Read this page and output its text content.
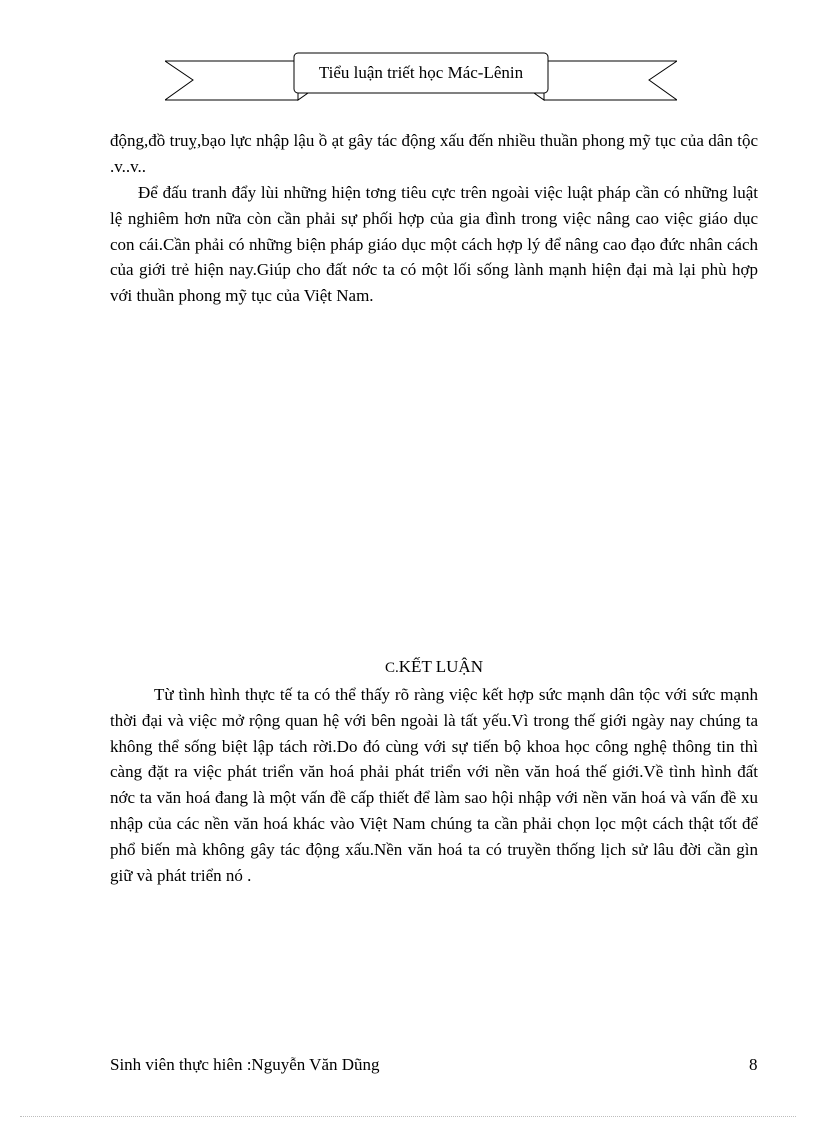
Tiểu luận triết học Mác-Lênin

động,đồ truỵ,bạo lực nhập lậu ồ ạt gây tác động xấu đến nhiều thuần phong mỹ tục của dân tộc .v..v..

Để đấu tranh đẩy lùi những hiện tơng tiêu cực trên ngoài việc luật pháp cần có những luật lệ nghiêm hơn nữa còn cần phải sự phối hợp của gia đình trong việc nâng cao việc giáo dục con cái.Cần phải có những biện pháp giáo dục một cách hợp lý để nâng cao đạo đức nhân cách của giới trẻ hiện nay.Giúp cho đất nớc ta có một lối sống lành mạnh hiện đại mà lại phù hợp với thuần phong mỹ tục của Việt Nam.

C.KẾT LUẬN

Từ tình hình thực tế ta có thể thấy rõ ràng việc kết hợp sức mạnh dân tộc với sức mạnh thời đại và việc mở rộng quan hệ với bên ngoài là tất yếu.Vì trong thế giới ngày nay chúng ta không thể sống biệt lập tách rời.Do đó cùng với sự tiến bộ khoa học công nghệ thông tin thì càng đặt ra việc phát triển văn hoá phải phát triển với nền văn hoá thế giới.Về tình hình đất nớc ta văn hoá đang là một vấn đề cấp thiết để làm sao hội nhập với nền văn hoá và vấn đề xu nhập của các nền văn hoá khác vào Việt Nam chúng ta cần phải chọn lọc một cách thật tốt để phổ biến mà không gây tác động xấu.Nền văn hoá ta có truyền thống lịch sử lâu đời cần gìn giữ và phát triển nó .

Sinh viên thực hiên :Nguyễn Văn Dũng	8
